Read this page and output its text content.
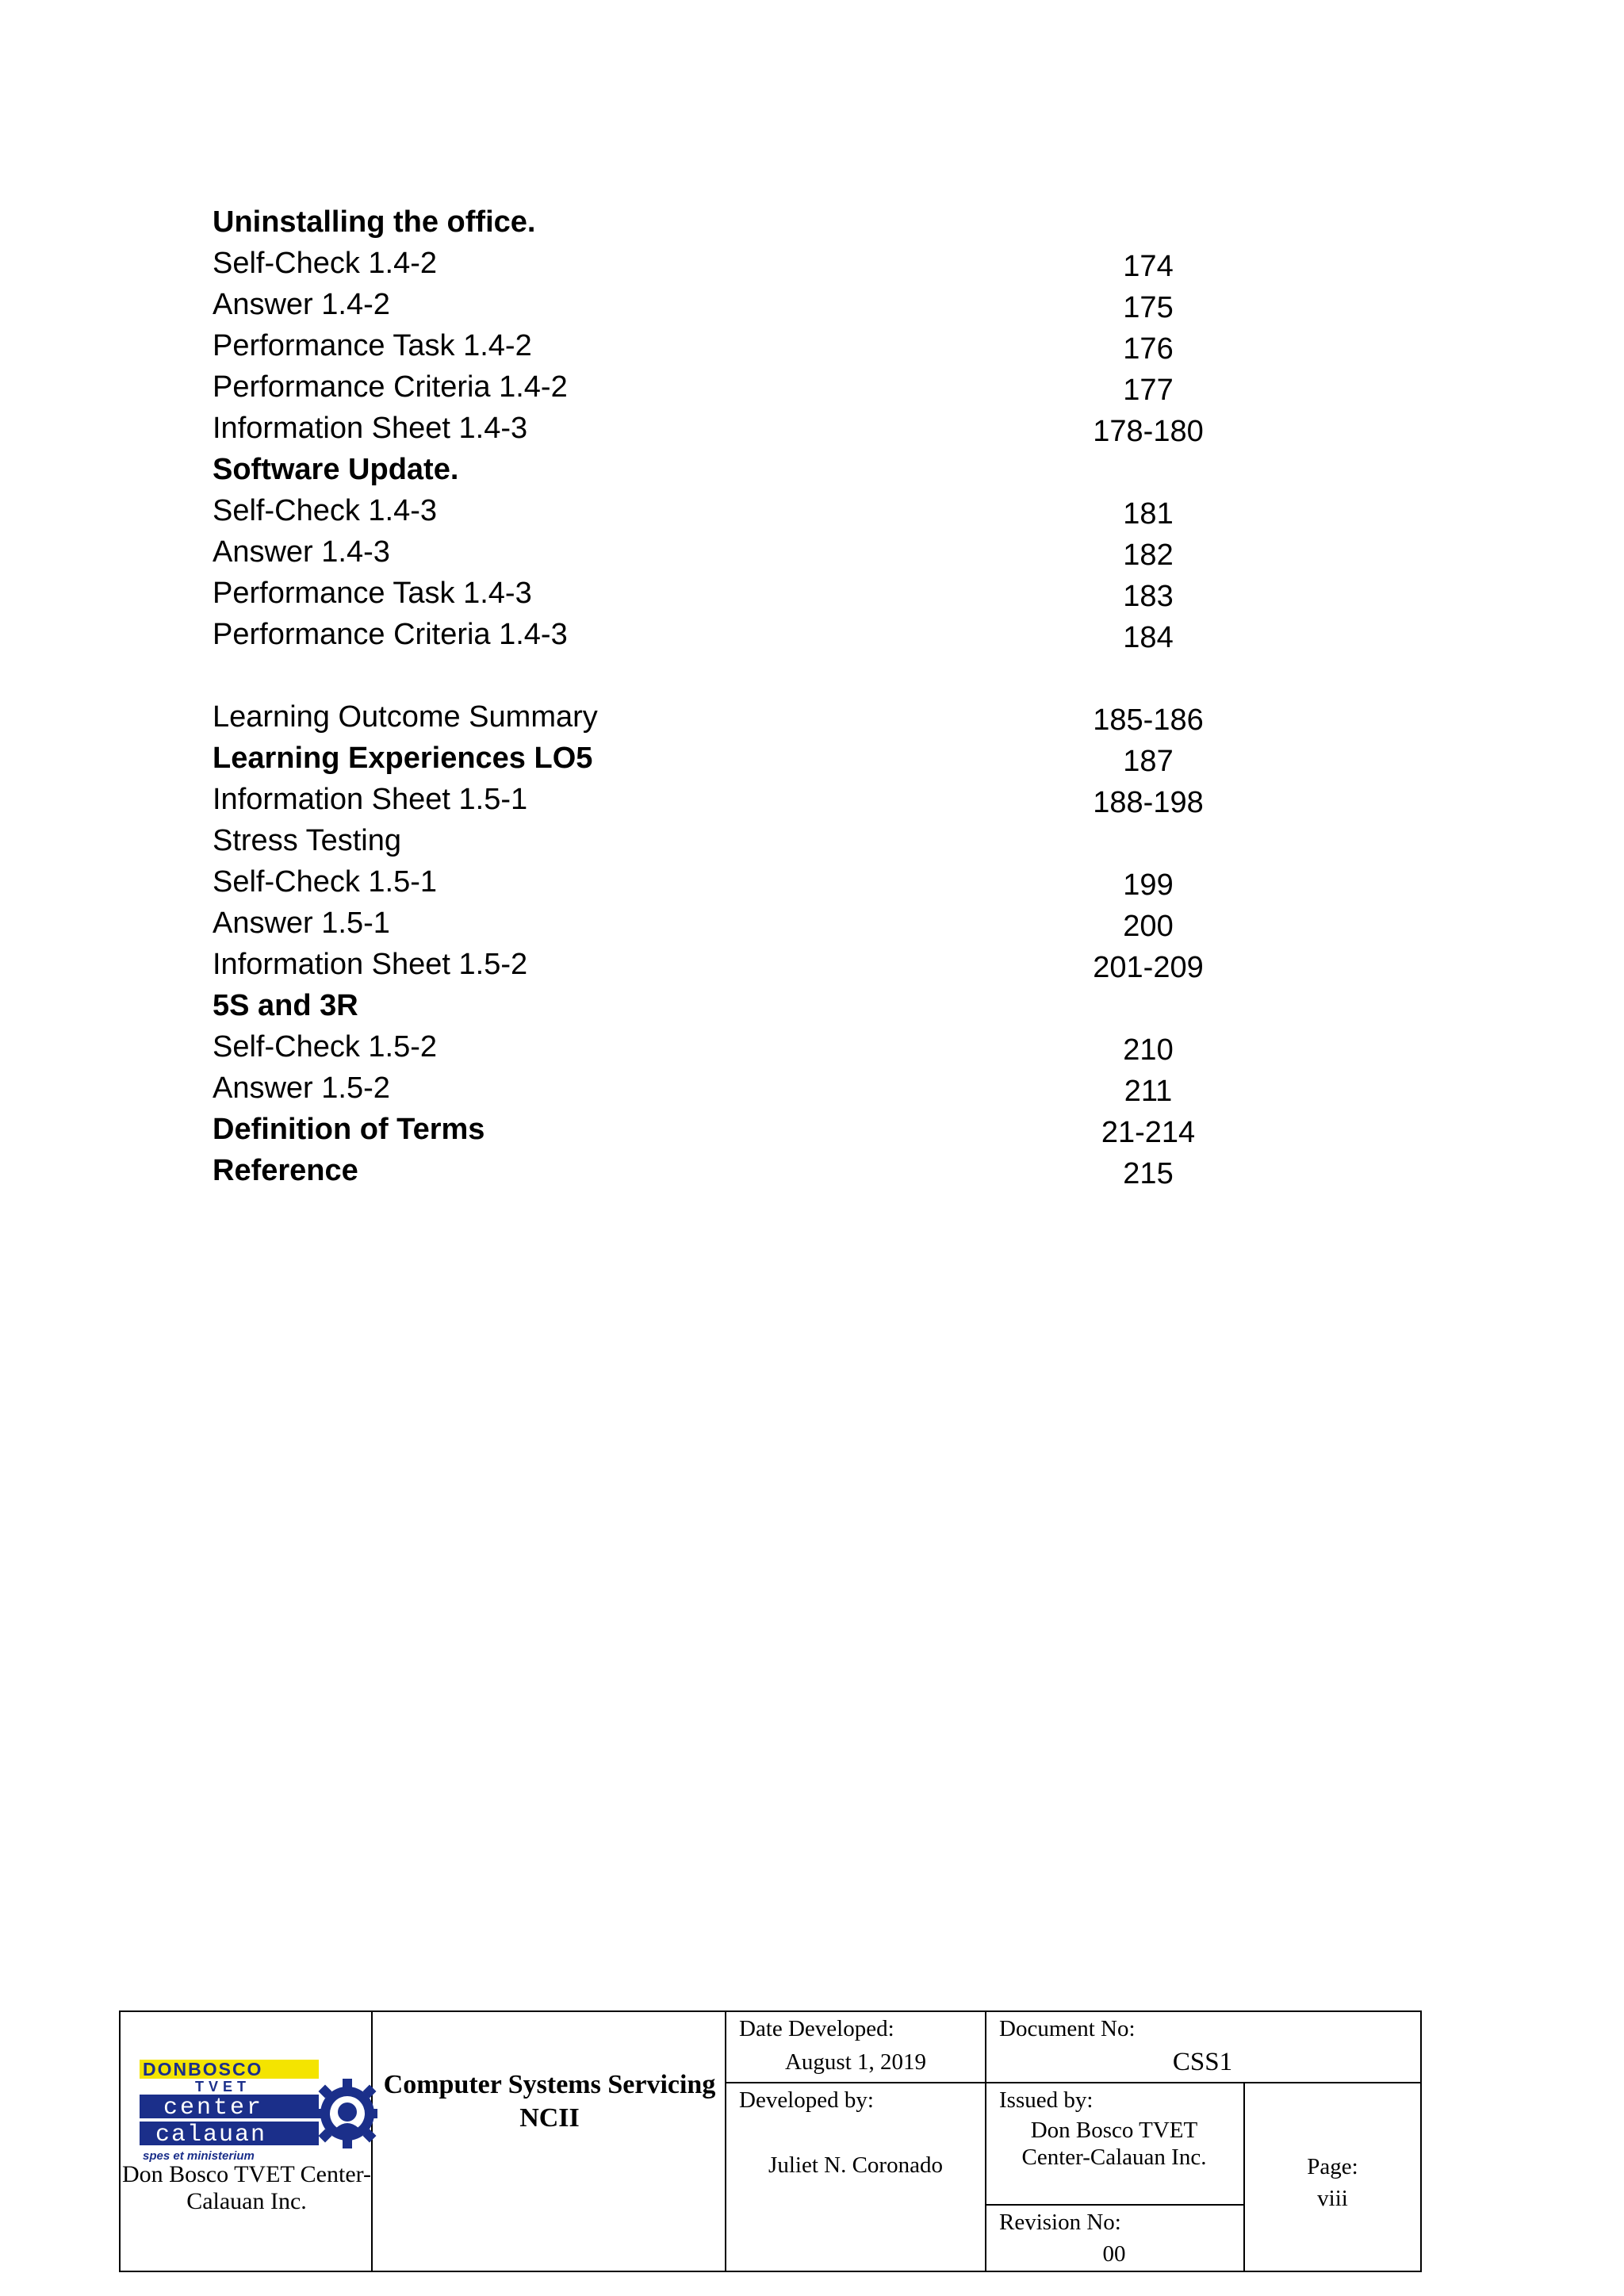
Uninstalling the office.
Self-Check 1.4-2	174
Answer 1.4-2	175
Performance Task 1.4-2	176
Performance Criteria 1.4-2	177
Information Sheet 1.4-3	178-180
Software Update.
Self-Check 1.4-3	181
Answer 1.4-3	182
Performance Task 1.4-3	183
Performance Criteria 1.4-3	184
Learning Outcome Summary	185-186
Learning Experiences LO5	187
Information Sheet 1.5-1	188-198
Stress Testing
Self-Check 1.5-1	199
Answer 1.5-1	200
Information Sheet 1.5-2	201-209
5S and 3R
Self-Check 1.5-2	210
Answer 1.5-2	211
Definition of Terms	21-214
Reference	215
DONBOSCO
TVET
center
calauan
spes et ministerium
Don Bosco TVET Center-Calauan Inc.
Computer Systems Servicing NCII
Date Developed:
August 1, 2019
Developed by:
Juliet N. Coronado
Document No:
CSS1
Issued by:
Don Bosco TVET Center-Calauan Inc.
Revision No:
00
Page:
viii
